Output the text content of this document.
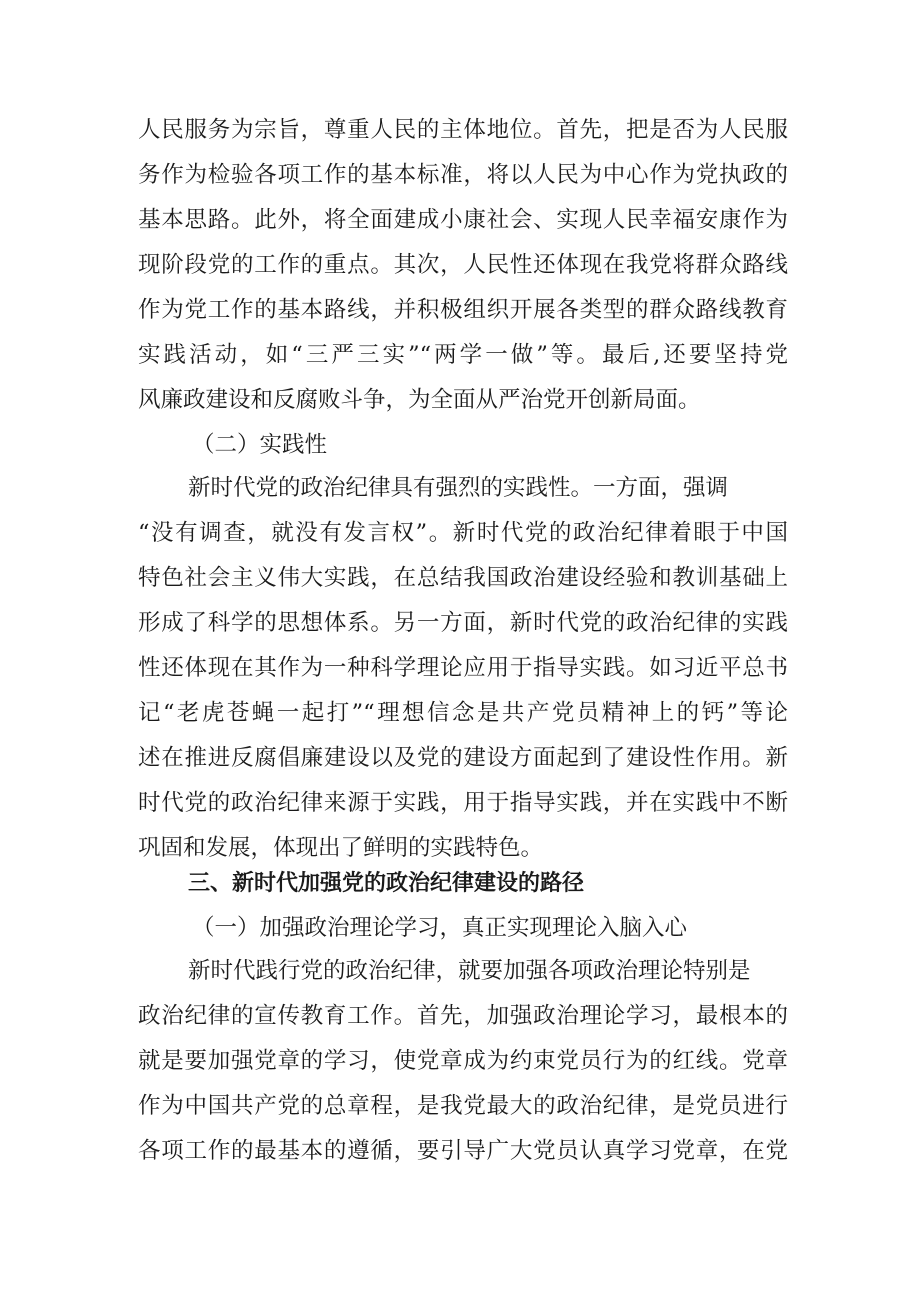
人民服务为宗旨，尊重人民的主体地位。首先，把是否为人民服
务作为检验各项工作的基本标准，将以人民为中心作为党执政的
基本思路。此外，将全面建成小康社会、实现人民幸福安康作为
现阶段党的工作的重点。其次，人民性还体现在我党将群众路线
作为党工作的基本路线，并积极组织开展各类型的群众路线教育
实践活动，如“三严三实”“两学一做”等。最后,还要坚持党
风廉政建设和反腐败斗争，为全面从严治党开创新局面。
（二）实践性
新时代党的政治纪律具有强烈的实践性。一方面，强调
“没有调查，就没有发言权”。新时代党的政治纪律着眼于中国
特色社会主义伟大实践，在总结我国政治建设经验和教训基础上
形成了科学的思想体系。另一方面，新时代党的政治纪律的实践
性还体现在其作为一种科学理论应用于指导实践。如习近平总书
记“老虎苍蝇一起打”“理想信念是共产党员精神上的钙”等论
述在推进反腐倡廉建设以及党的建设方面起到了建设性作用。新
时代党的政治纪律来源于实践，用于指导实践，并在实践中不断
巩固和发展，体现出了鲜明的实践特色。
三、新时代加强党的政治纪律建设的路径
（一）加强政治理论学习，真正实现理论入脑入心
新时代践行党的政治纪律，就要加强各项政治理论特别是
政治纪律的宣传教育工作。首先，加强政治理论学习，最根本的
就是要加强党章的学习，使党章成为约束党员行为的红线。党章
作为中国共产党的总章程，是我党最大的政治纪律，是党员进行
各项工作的最基本的遵循，要引导广大党员认真学习党章，在党
